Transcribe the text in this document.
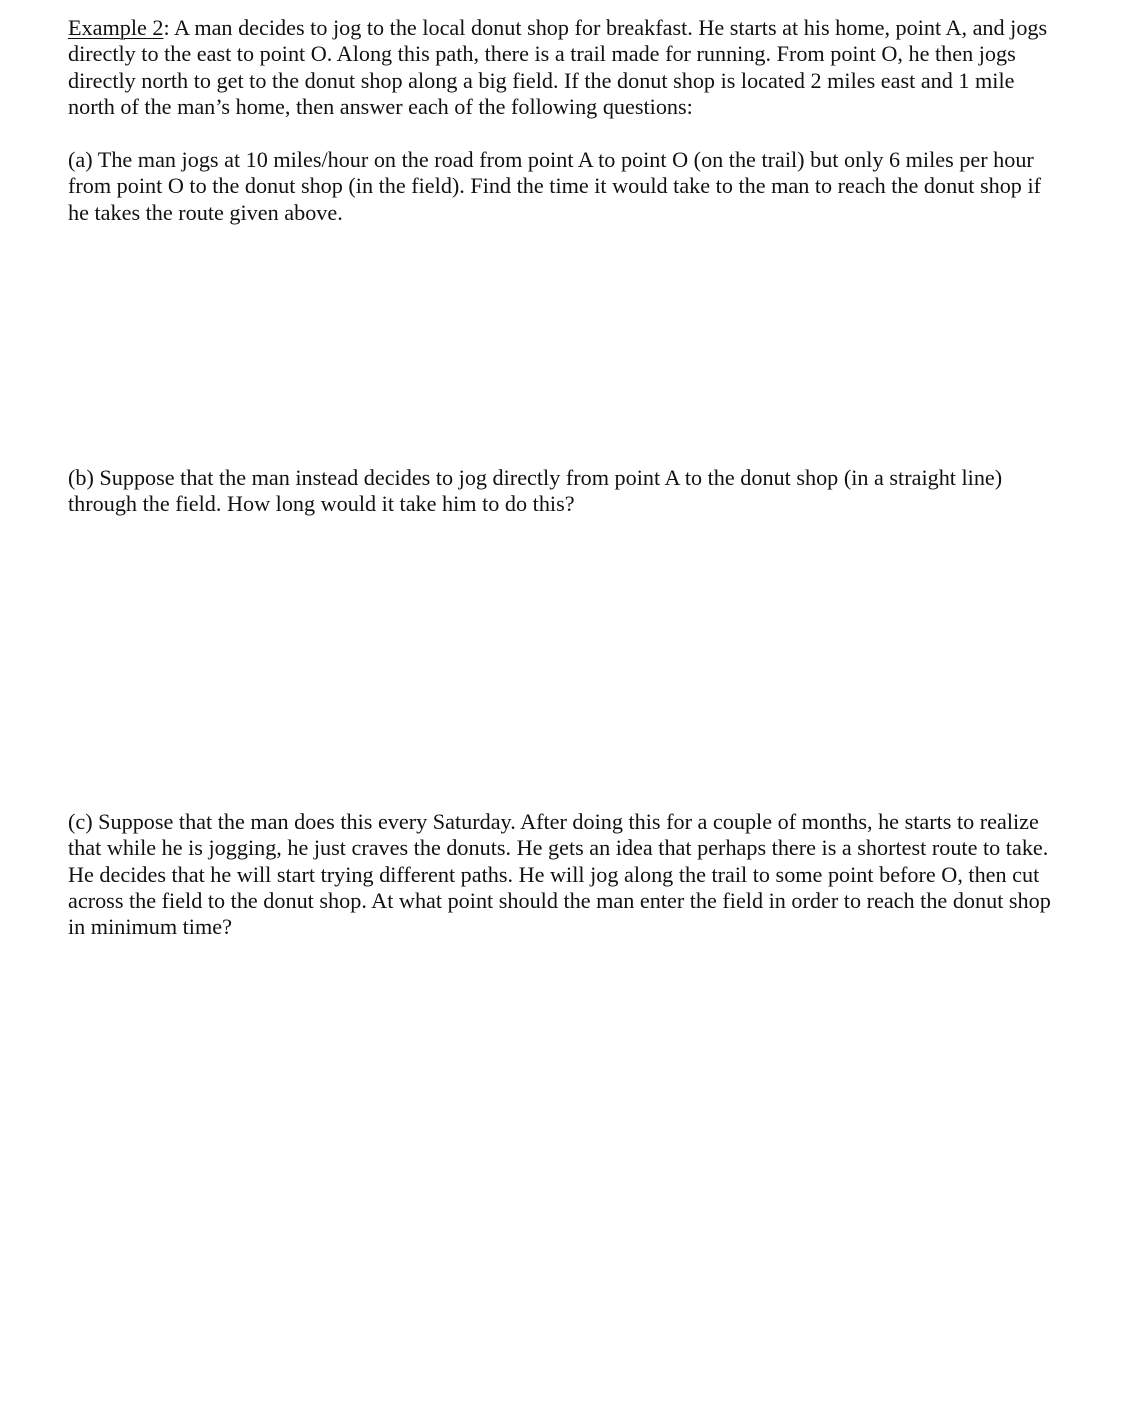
Example 2: A man decides to jog to the local donut shop for breakfast. He starts at his home, point A, and jogs
directly to the east to point O. Along this path, there is a trail made for running. From point O, he then jogs
directly north to get to the donut shop along a big field. If the donut shop is located 2 miles east and 1 mile
north of the man’s home, then answer each of the following questions:
(a) The man jogs at 10 miles/hour on the road from point A to point O (on the trail) but only 6 miles per hour
from point O to the donut shop (in the field). Find the time it would take to the man to reach the donut shop if
he takes the route given above.
(b) Suppose that the man instead decides to jog directly from point A to the donut shop (in a straight line)
through the field. How long would it take him to do this?
(c) Suppose that the man does this every Saturday. After doing this for a couple of months, he starts to realize
that while he is jogging, he just craves the donuts. He gets an idea that perhaps there is a shortest route to take.
He decides that he will start trying different paths. He will jog along the trail to some point before O, then cut
across the field to the donut shop. At what point should the man enter the field in order to reach the donut shop
in minimum time?
